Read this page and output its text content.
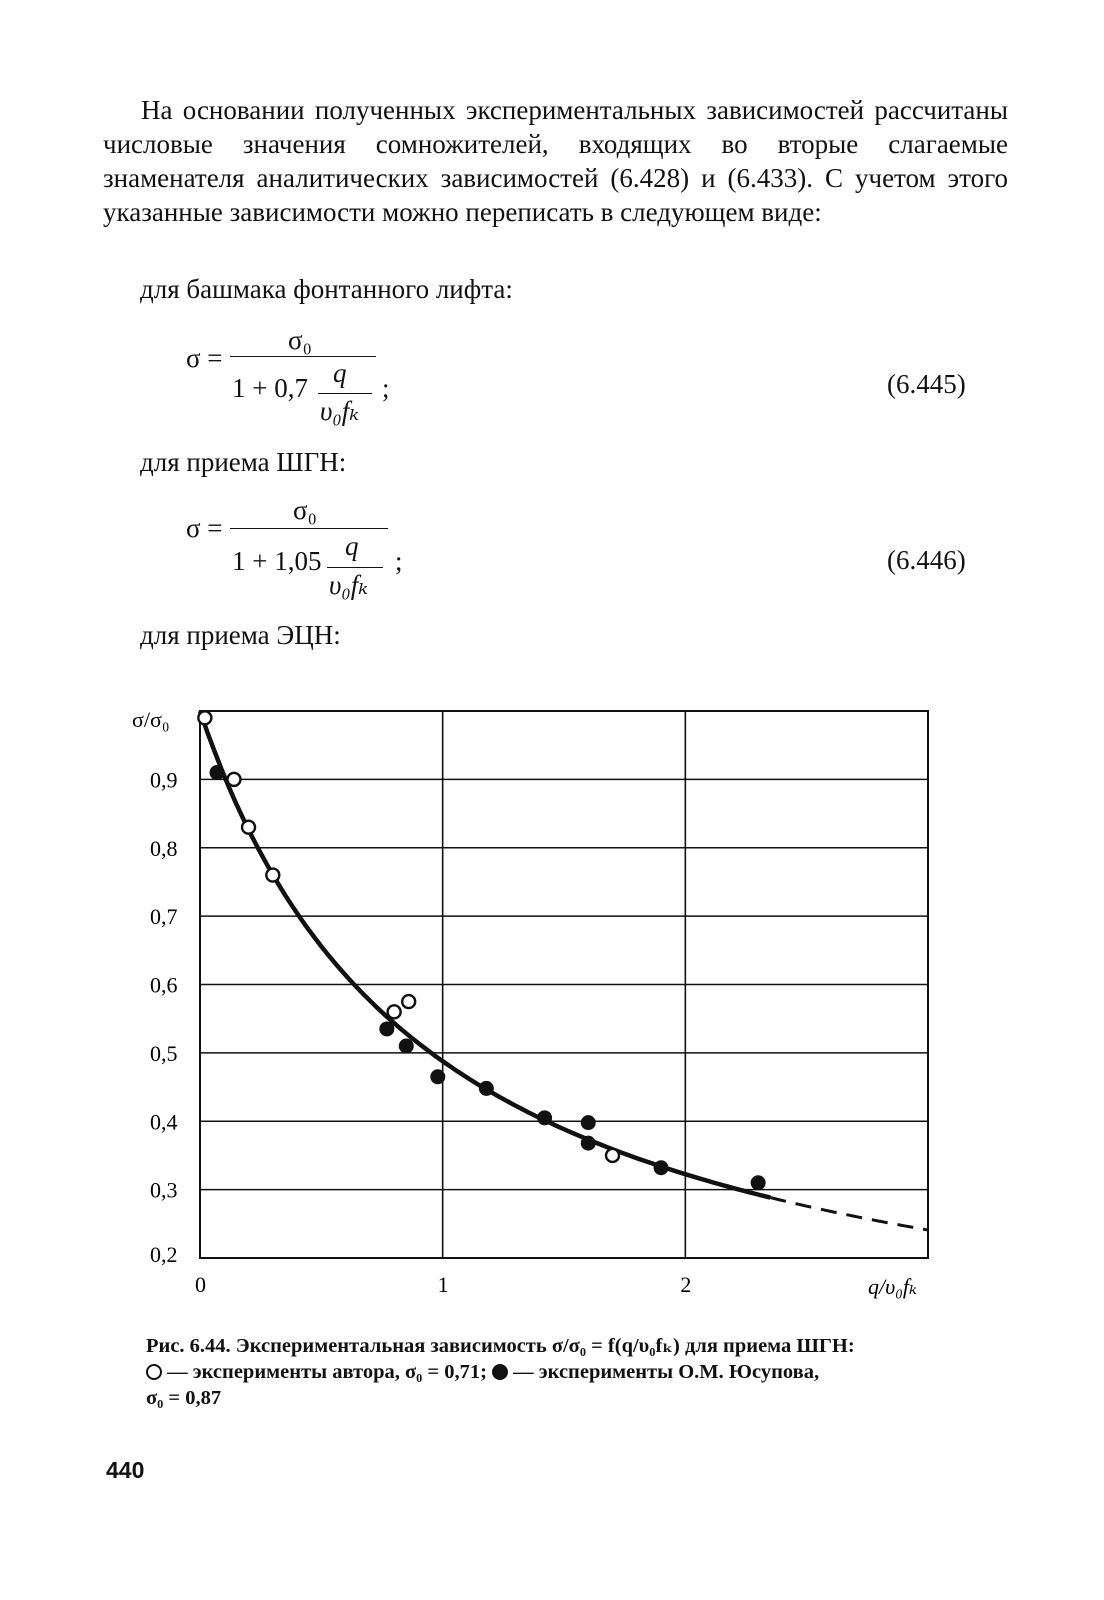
На основании полученных экспериментальных зависимостей рассчитаны числовые значения сомножителей, входящих во вторые слагаемые знаменателя аналитических зависимостей (6.428) и (6.433). С учетом этого указанные зависимости можно переписать в следующем виде:
для башмака фонтанного лифта:
σ =
σ₀
1 + 0,7 q
υ₀fₖ
;	(6.445)
для приема ШГН:
σ =
σ₀
1 + 1,05 q
υ₀fₖ
;	(6.446)
для приема ЭЦН:
σ/σ₀
0,9
0,8
0,7
0,6
0,5
0,4
0,3
0,2
0	1	2	q/υ₀fₖ
Рис. 6.44. Экспериментальная зависимость σ/σ₀ = f(q/υ₀fₖ) для приема ШГН:
— эксперименты автора, σ₀ = 0,71; — эксперименты О.М. Юсупова,
σ₀ = 0,87
440
